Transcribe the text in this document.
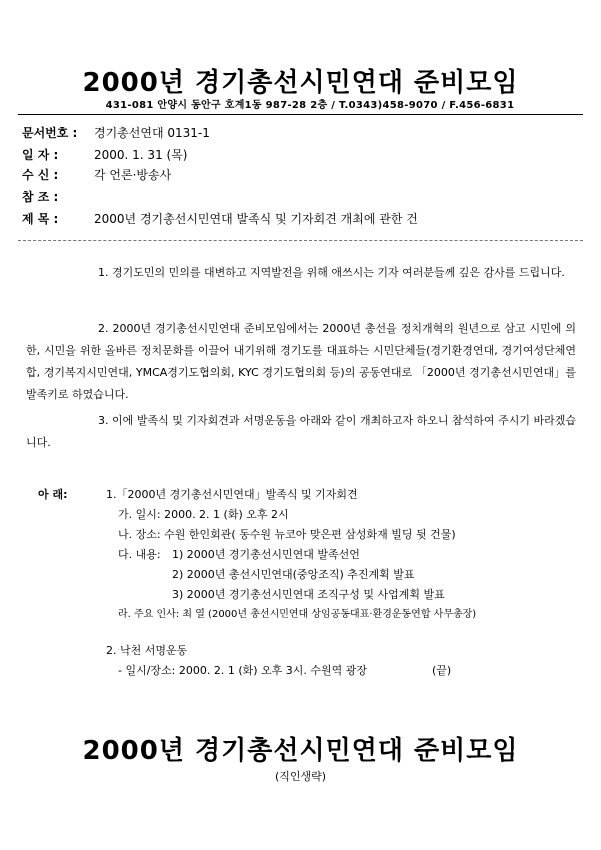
2000년 경기총선시민연대 준비모임
431-081 안양시 동안구 호계1동 987-28 2층 / T.0343)458-9070 / F.456-6831
문서번호 : 경기총선연대 0131-1
일 자 :	2000. 1. 31 (목)
수 신 :	각 언론·방송사
참 조 :
제 목 :	2000년 경기총선시민연대 발족식 및 기자회견 개최에 관한 건
1. 경기도민의 민의를 대변하고 지역발전을 위해 애쓰시는 기자 여러분들께 깊은 감사를 드립니다.
2. 2000년 경기총선시민연대 준비모임에서는 2000년 총선을 정치개혁의 원년으로 삼고 시민에 의한, 시민을 위한 올바른 정치문화를 이끌어 내기위해 경기도를 대표하는 시민단체들(경기환경연대, 경기여성단체연합, 경기복지시민연대, YMCA경기도협의회, KYC 경기도협의회 등)의 공동연대로 「2000년 경기총선시민연대」를 발족키로 하였습니다.
3. 이에 발족식 및 기자회견과 서명운동을 아래와 같이 개최하고자 하오니 참석하여 주시기 바라겠습니다.
아 래:	1.「2000년 경기총선시민연대」발족식 및 기자회견
가. 일시: 2000. 2. 1 (화) 오후 2시
나. 장소: 수원 한인회관( 동수원 뉴코아 맞은편 삼성화재 빌딩 뒷 건물)
다. 내용: 1) 2000년 경기총선시민연대 발족선언
2) 2000년 총선시민연대(중앙조직) 추진계획 발표
3) 2000년 경기총선시민연대 조직구성 및 사업계획 발표
라. 주요 인사: 최 열 (2000년 총선시민연대 상임공동대표·환경운동연합 사무총장)
2. 낙천 서명운동
- 일시/장소: 2000. 2. 1 (화) 오후 3시. 수원역 광장	(끝)
2000년 경기총선시민연대 준비모임
(직인생략)
